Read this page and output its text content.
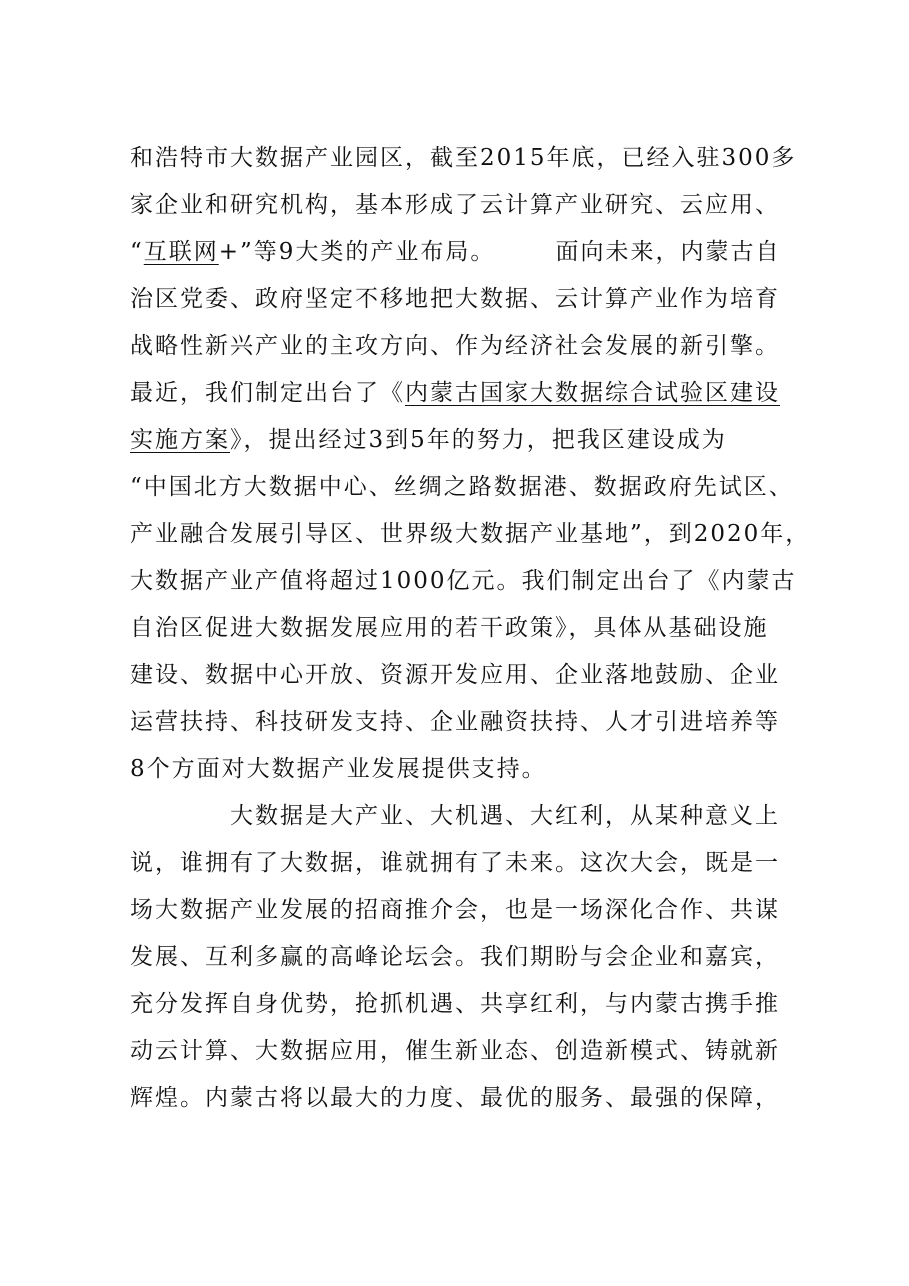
和浩特市大数据产业园区，截至2015年底，已经入驻300多
家企业和研究机构，基本形成了云计算产业研究、云应用、
“互联网+”等9大类的产业布局。	面向未来，内蒙古自
治区党委、政府坚定不移地把大数据、云计算产业作为培育
战略性新兴产业的主攻方向、作为经济社会发展的新引擎。
最近，我们制定出台了《内蒙古国家大数据综合试验区建设
实施方案》，提出经过3到5年的努力，把我区建设成为
“中国北方大数据中心、丝绸之路数据港、数据政府先试区、
产业融合发展引导区、世界级大数据产业基地”，到2020年，
大数据产业产值将超过1000亿元。我们制定出台了《内蒙古
自治区促进大数据发展应用的若干政策》，具体从基础设施
建设、数据中心开放、资源开发应用、企业落地鼓励、企业
运营扶持、科技研发支持、企业融资扶持、人才引进培养等
8个方面对大数据产业发展提供支持。
大数据是大产业、大机遇、大红利，从某种意义上
说，谁拥有了大数据，谁就拥有了未来。这次大会，既是一
场大数据产业发展的招商推介会，也是一场深化合作、共谋
发展、互利多赢的高峰论坛会。我们期盼与会企业和嘉宾，
充分发挥自身优势，抢抓机遇、共享红利，与内蒙古携手推
动云计算、大数据应用，催生新业态、创造新模式、铸就新
辉煌。内蒙古将以最大的力度、最优的服务、最强的保障，
